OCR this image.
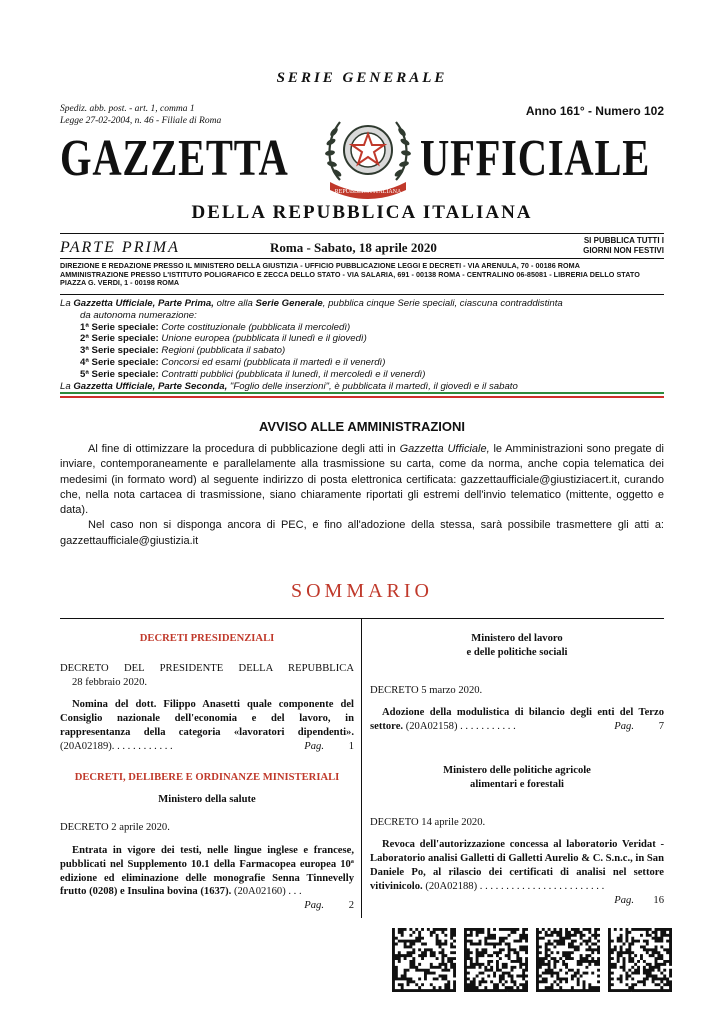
SERIE GENERALE
Spediz. abb. post. - art. 1, comma 1
Legge 27-02-2004, n. 46 - Filiale di Roma
Anno 161° - Numero 102
GAZZETTA	UFFICIALE
REPUBBLICA ITALIANA
DELLA REPUBBLICA ITALIANA
PARTE PRIMA	Roma - Sabato, 18 aprile 2020	SI PUBBLICA TUTTI I
GIORNI NON FESTIVI
DIREZIONE E REDAZIONE PRESSO IL MINISTERO DELLA GIUSTIZIA - UFFICIO PUBBLICAZIONE LEGGI E DECRETI - VIA ARENULA, 70 - 00186 ROMA
AMMINISTRAZIONE PRESSO L'ISTITUTO POLIGRAFICO E ZECCA DELLO STATO - VIA SALARIA, 691 - 00138 ROMA - CENTRALINO 06-85081 - LIBRERIA DELLO STATO
PIAZZA G. VERDI, 1 - 00198 ROMA
La Gazzetta Ufficiale, Parte Prima, oltre alla Serie Generale, pubblica cinque Serie speciali, ciascuna contraddistinta
da autonoma numerazione:
1ª Serie speciale: Corte costituzionale (pubblicata il mercoledì)
2ª Serie speciale: Unione europea (pubblicata il lunedì e il giovedì)
3ª Serie speciale: Regioni (pubblicata il sabato)
4ª Serie speciale: Concorsi ed esami (pubblicata il martedì e il venerdì)
5ª Serie speciale: Contratti pubblici (pubblicata il lunedì, il mercoledì e il venerdì)
La Gazzetta Ufficiale, Parte Seconda, "Foglio delle inserzioni", è pubblicata il martedì, il giovedì e il sabato
AVVISO ALLE AMMINISTRAZIONI

Al fine di ottimizzare la procedura di pubblicazione degli atti in Gazzetta Ufficiale, le Amministrazioni sono pregate di inviare, contemporaneamente e parallelamente alla trasmissione su carta, come da norma, anche copia telematica dei medesimi (in formato word) al seguente indirizzo di posta elettronica certificata: gazzettaufficiale@giustiziacert.it, curando che, nella nota cartacea di trasmissione, siano chiaramente riportati gli estremi dell'invio telematico (mittente, oggetto e data).

Nel caso non si disponga ancora di PEC, e fino all'adozione della stessa, sarà possibile trasmettere gli atti a: gazzettaufficiale@giustizia.it

SOMMARIO
DECRETI PRESIDENZIALI
DECRETO DEL PRESIDENTE DELLA REPUBBLICA
28 febbraio 2020.
Nomina del dott. Filippo Anasetti quale componente del Consiglio nazionale dell'economia e del lavoro, in rappresentanza della categoria «lavoratori dipendenti». (20A02189). . . . . . . . . . . .	Pag. 1
DECRETI, DELIBERE E ORDINANZE MINISTERIALI
Ministero della salute
DECRETO 2 aprile 2020.
Entrata in vigore dei testi, nelle lingue inglese e francese, pubblicati nel Supplemento 10.1 della Farmacopea europea 10ª edizione ed eliminazione delle monografie Senna Tinnevelly frutto (0208) e Insulina bovina (1637). (20A02160) . . .
Pag. 2
Ministero del lavoro
e delle politiche sociali
DECRETO 5 marzo 2020.
Adozione della modulistica di bilancio degli enti del Terzo settore. (20A02158) . . . . . . . . . . .	Pag. 7
Ministero delle politiche agricole
alimentari e forestali
DECRETO 14 aprile 2020.
Revoca dell'autorizzazione concessa al laboratorio Veridat - Laboratorio analisi Galletti di Galletti Aurelio & C. S.n.c., in San Daniele Po, al rilascio dei certificati di analisi nel settore vitivinicolo. (20A02188) . . . . . . . . . . . . . . . . . . . . . . . .
Pag. 16
